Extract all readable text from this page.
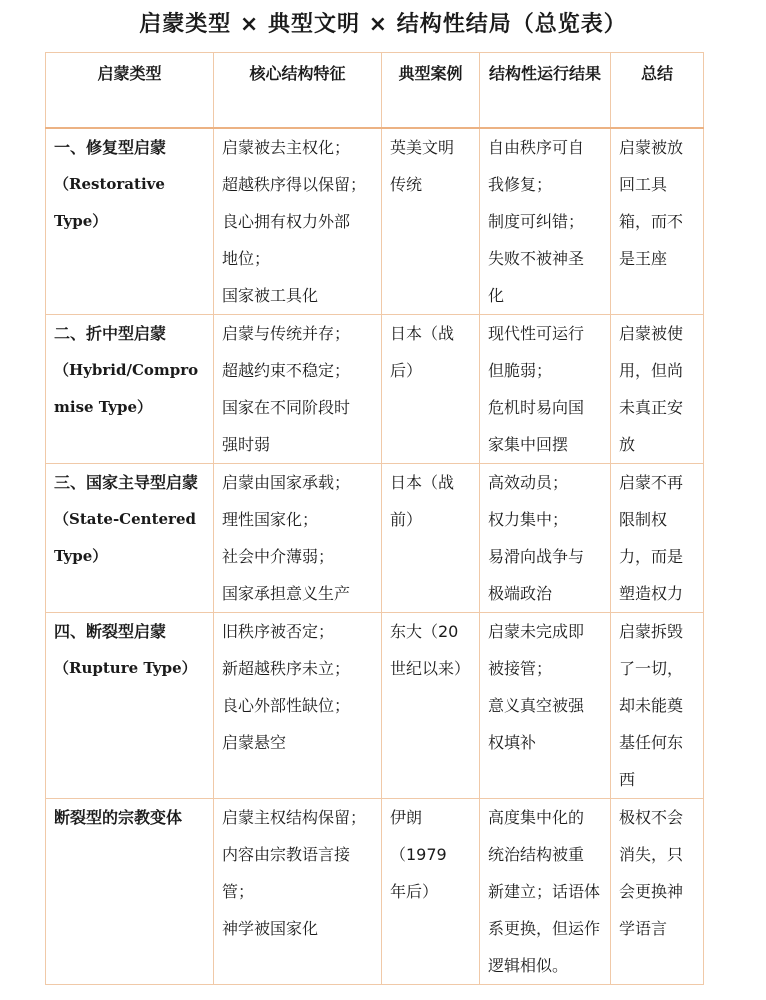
启蒙类型 × 典型文明 × 结构性结局（总览表）
启蒙类型	核心结构特征	典型案例	结构性运行结果	总结

一、修复型启蒙
（Restorative
Type）	启蒙被去主权化；
超越秩序得以保留；
良心拥有权力外部
地位；
国家被工具化	英美文明
传统	自由秩序可自
我修复；
制度可纠错；
失败不被神圣
化	启蒙被放
回工具
箱，而不
是王座

二、折中型启蒙
（Hybrid/Compro
mise Type）	启蒙与传统并存；
超越约束不稳定；
国家在不同阶段时
强时弱	日本（战
后）	现代性可运行
但脆弱；
危机时易向国
家集中回摆	启蒙被使
用，但尚
未真正安
放

三、国家主导型启蒙
（State-Centered
Type）	启蒙由国家承载；
理性国家化；
社会中介薄弱；
国家承担意义生产	日本（战
前）	高效动员；
权力集中；
易滑向战争与
极端政治	启蒙不再
限制权
力，而是
塑造权力

四、断裂型启蒙
（Rupture Type）	旧秩序被否定；
新超越秩序未立；
良心外部性缺位；
启蒙悬空	东大（20
世纪以来）	启蒙未完成即
被接管；
意义真空被强
权填补	启蒙拆毁
了一切，
却未能奠
基任何东
西

断裂型的宗教变体	启蒙主权结构保留；
内容由宗教语言接
管；
神学被国家化	伊朗（1979
年后）	高度集中化的
统治结构被重
新建立；话语体
系更换，但运作
逻辑相似。	极权不会
消失，只
会更换神
学语言
